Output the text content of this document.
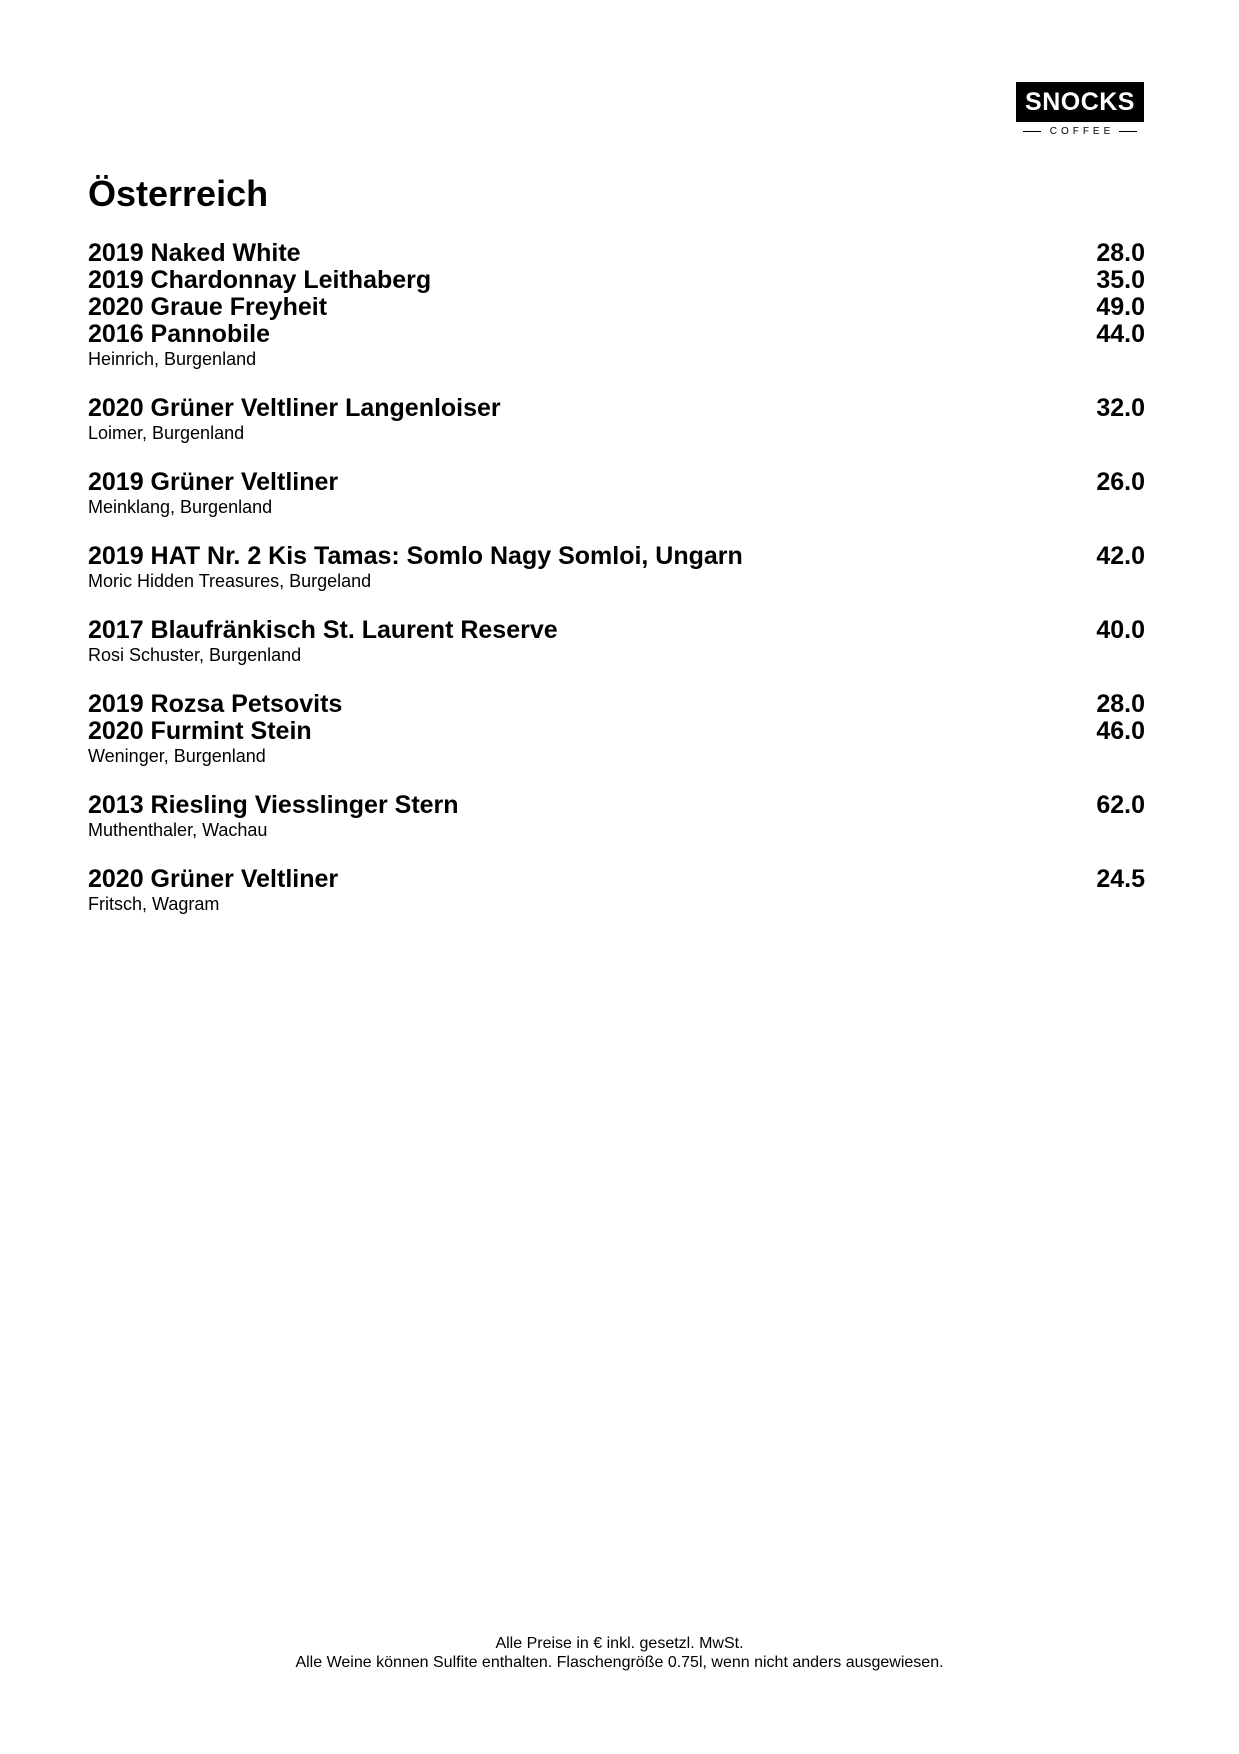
SNOCKS
COFFEE
Österreich
2019 Naked White	28.0
2019 Chardonnay Leithaberg	35.0
2020 Graue Freyheit	49.0
2016 Pannobile	44.0
Heinrich, Burgenland
2020 Grüner Veltliner Langenloiser	32.0
Loimer, Burgenland
2019 Grüner Veltliner	26.0
Meinklang, Burgenland
2019 HAT Nr. 2 Kis Tamas: Somlo Nagy Somloi, Ungarn	42.0
Moric Hidden Treasures, Burgeland
2017 Blaufränkisch St. Laurent Reserve	40.0
Rosi Schuster, Burgenland
2019 Rozsa Petsovits	28.0
2020 Furmint Stein	46.0
Weninger, Burgenland
2013 Riesling Viesslinger Stern	62.0
Muthenthaler, Wachau
2020 Grüner Veltliner	24.5
Fritsch, Wagram
Alle Preise in € inkl. gesetzl. MwSt.
Alle Weine können Sulfite enthalten. Flaschengröße 0.75l, wenn nicht anders ausgewiesen.
